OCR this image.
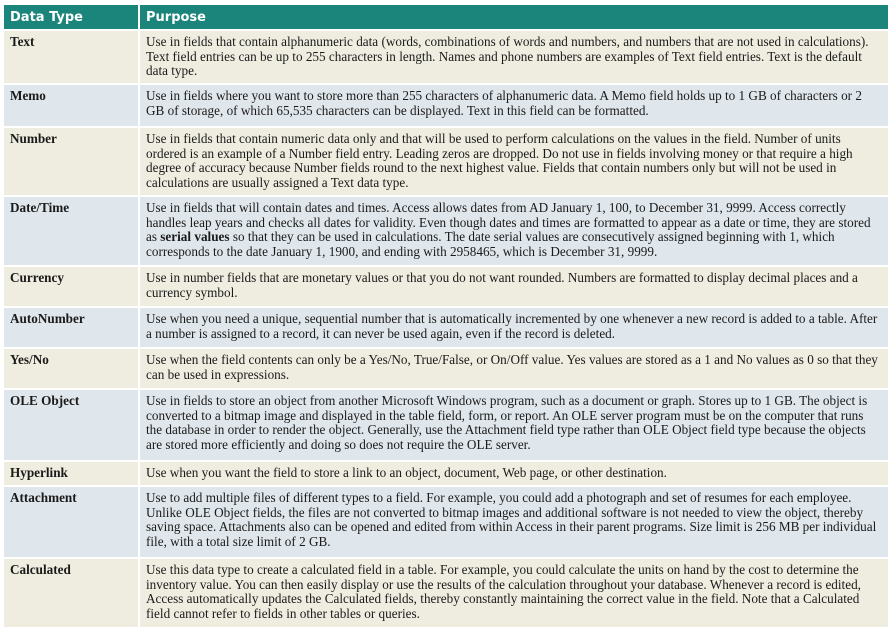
Data Type	Purpose
Text	Use in fields that contain alphanumeric data (words, combinations of words and numbers, and numbers that are not used in calculations). Text field entries can be up to 255 characters in length. Names and phone numbers are examples of Text field entries. Text is the default data type.
Memo	Use in fields where you want to store more than 255 characters of alphanumeric data. A Memo field holds up to 1 GB of characters or 2 GB of storage, of which 65,535 characters can be displayed. Text in this field can be formatted.
Number	Use in fields that contain numeric data only and that will be used to perform calculations on the values in the field. Number of units ordered is an example of a Number field entry. Leading zeros are dropped. Do not use in fields involving money or that require a high degree of accuracy because Number fields round to the next highest value. Fields that contain numbers only but will not be used in calculations are usually assigned a Text data type.
Date/Time	Use in fields that will contain dates and times. Access allows dates from AD January 1, 100, to December 31, 9999. Access correctly handles leap years and checks all dates for validity. Even though dates and times are formatted to appear as a date or time, they are stored as serial values so that they can be used in calculations. The date serial values are consecutively assigned beginning with 1, which corresponds to the date January 1, 1900, and ending with 2958465, which is December 31, 9999.
Currency	Use in number fields that are monetary values or that you do not want rounded. Numbers are formatted to display decimal places and a currency symbol.
AutoNumber	Use when you need a unique, sequential number that is automatically incremented by one whenever a new record is added to a table. After a number is assigned to a record, it can never be used again, even if the record is deleted.
Yes/No	Use when the field contents can only be a Yes/No, True/False, or On/Off value. Yes values are stored as a 1 and No values as 0 so that they can be used in expressions.
OLE Object	Use in fields to store an object from another Microsoft Windows program, such as a document or graph. Stores up to 1 GB. The object is converted to a bitmap image and displayed in the table field, form, or report. An OLE server program must be on the computer that runs the database in order to render the object. Generally, use the Attachment field type rather than OLE Object field type because the objects are stored more efficiently and doing so does not require the OLE server.
Hyperlink	Use when you want the field to store a link to an object, document, Web page, or other destination.
Attachment	Use to add multiple files of different types to a field. For example, you could add a photograph and set of resumes for each employee. Unlike OLE Object fields, the files are not converted to bitmap images and additional software is not needed to view the object, thereby saving space. Attachments also can be opened and edited from within Access in their parent programs. Size limit is 256 MB per individual file, with a total size limit of 2 GB.
Calculated	Use this data type to create a calculated field in a table. For example, you could calculate the units on hand by the cost to determine the inventory value. You can then easily display or use the results of the calculation throughout your database. Whenever a record is edited, Access automatically updates the Calculated fields, thereby constantly maintaining the correct value in the field. Note that a Calculated field cannot refer to fields in other tables or queries.
